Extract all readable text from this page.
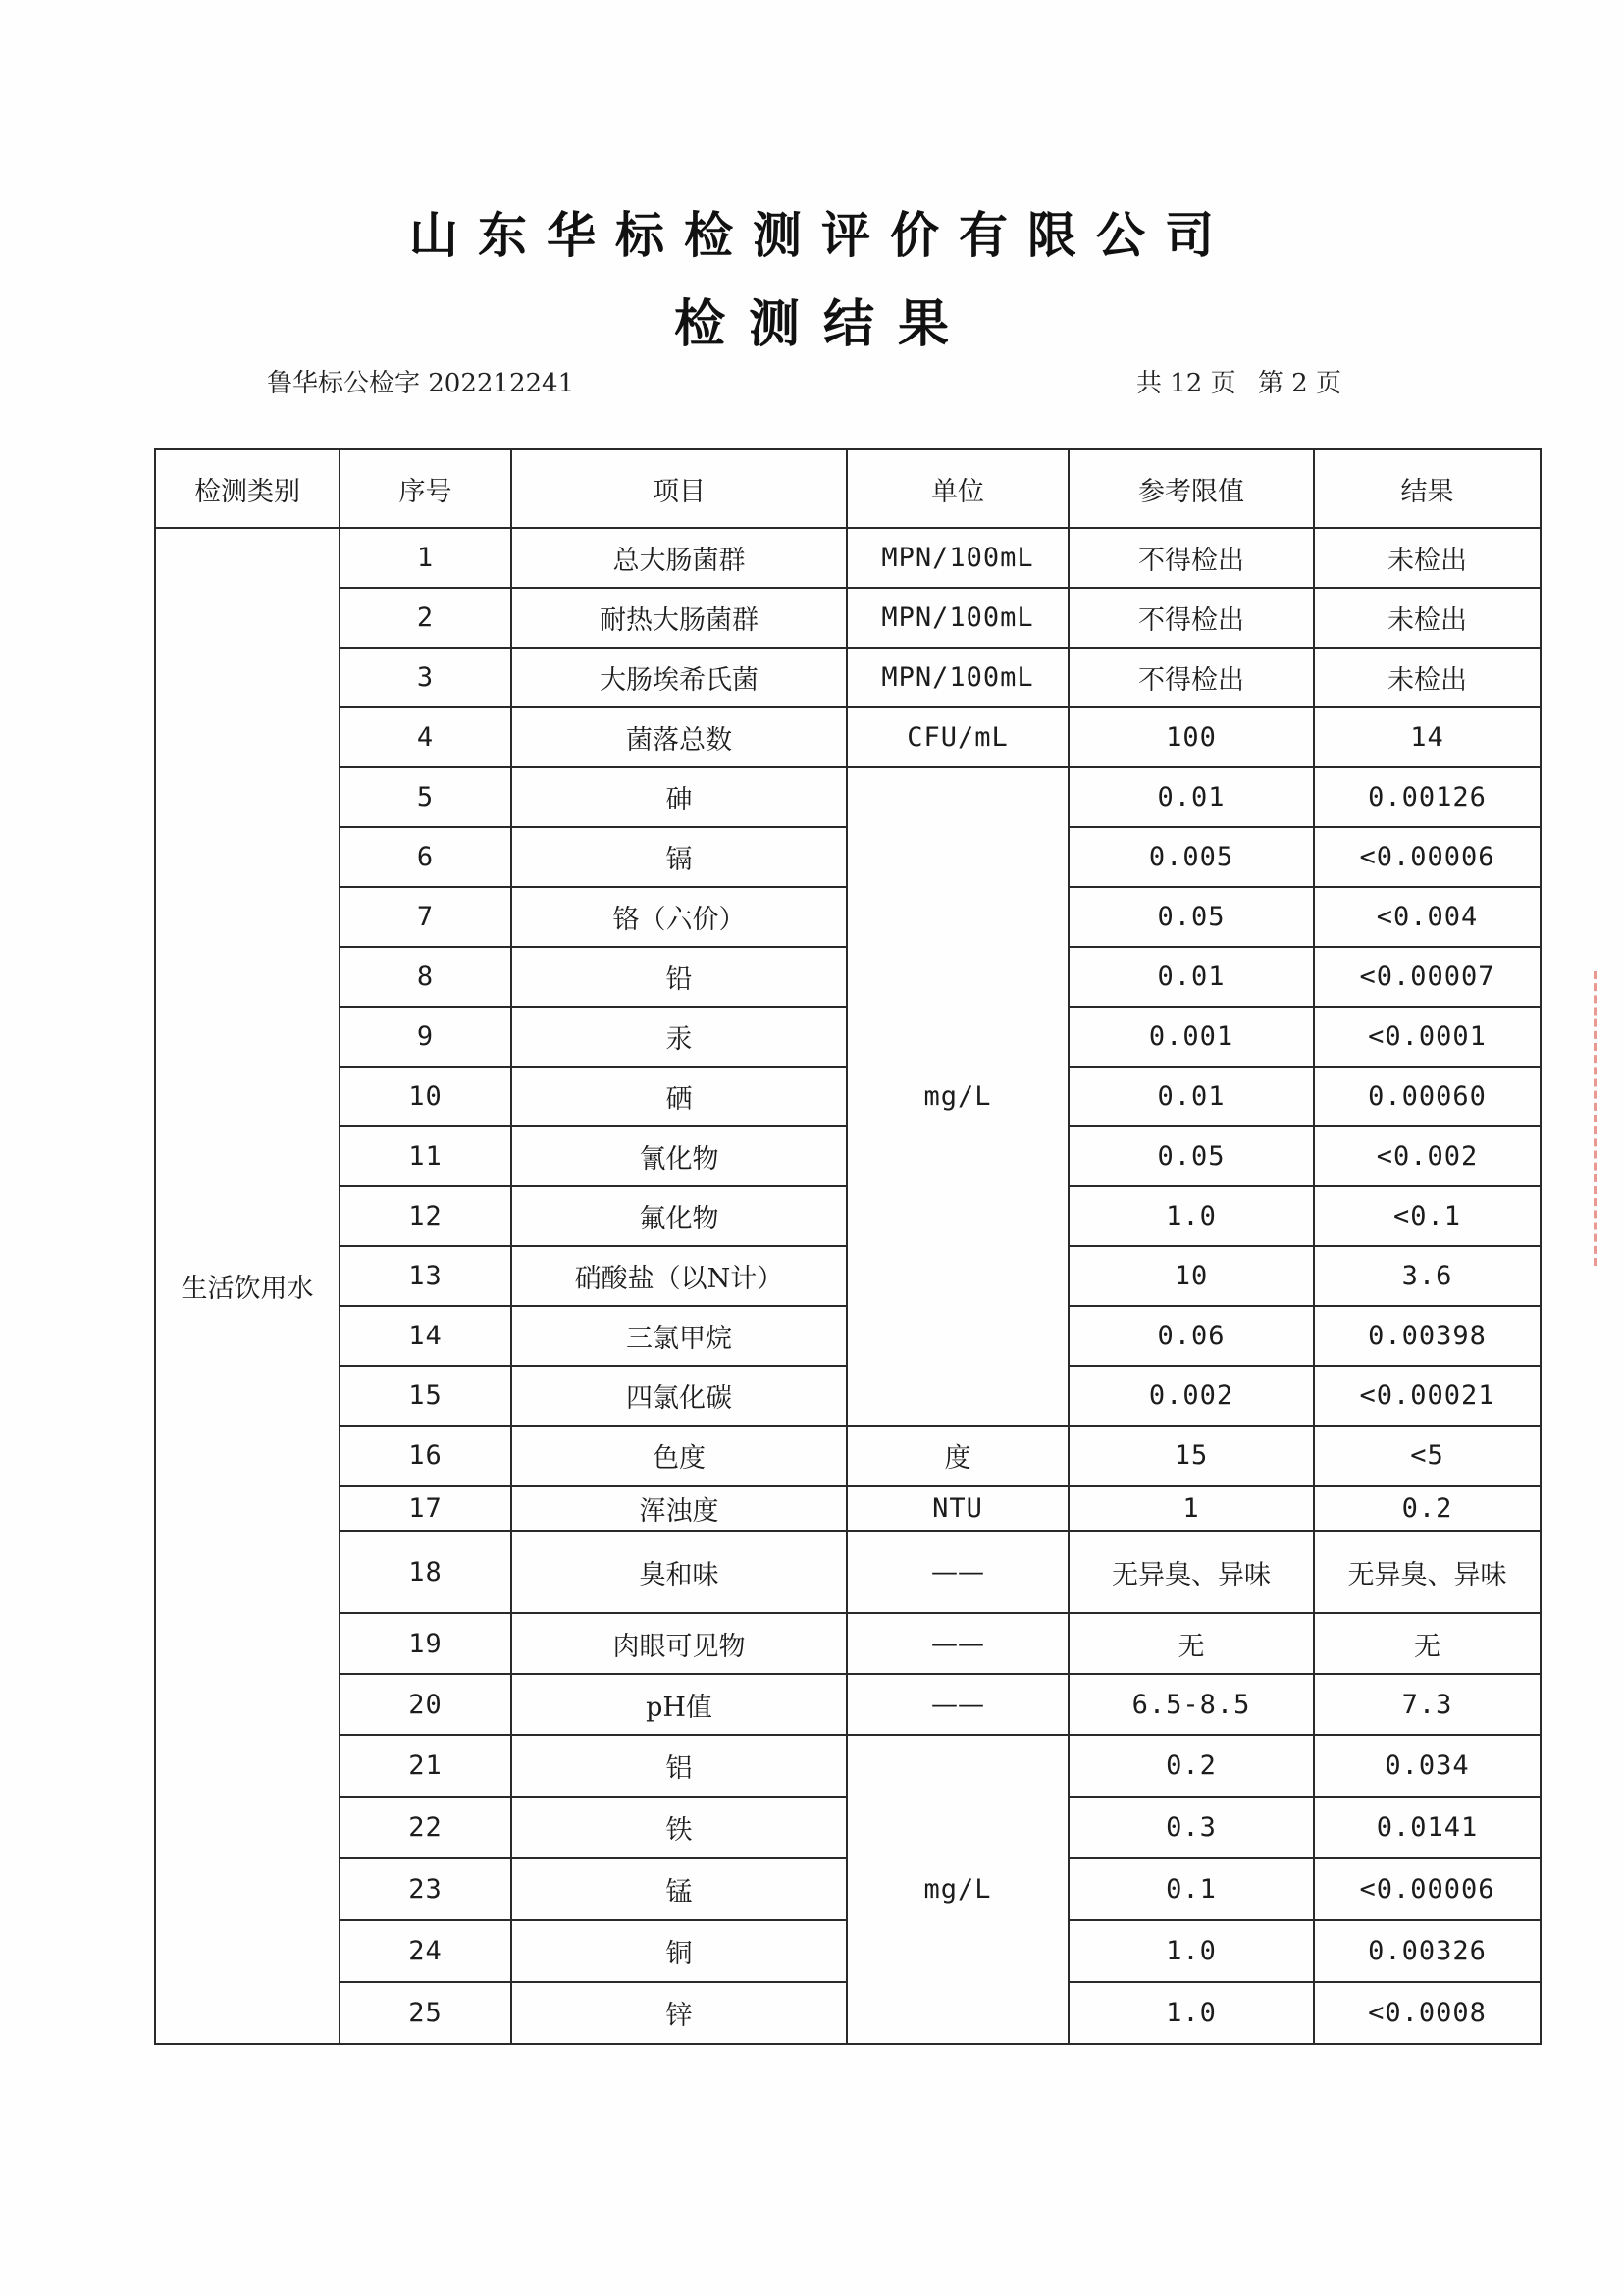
山东华标检测评价有限公司
检测结果
鲁华标公检字 202212241	共 12 页 第 2 页
检测类别	序号	项目	单位	参考限值	结果
生活饮用水	1	总大肠菌群	MPN/100mL	不得检出	未检出
	2	耐热大肠菌群	MPN/100mL	不得检出	未检出
	3	大肠埃希氏菌	MPN/100mL	不得检出	未检出
	4	菌落总数	CFU/mL	100	14
	5	砷	mg/L	0.01	0.00126
	6	镉		0.005	<0.00006
	7	铬（六价）		0.05	<0.004
	8	铅		0.01	<0.00007
	9	汞		0.001	<0.0001
	10	硒		0.01	0.00060
	11	氰化物		0.05	<0.002
	12	氟化物		1.0	<0.1
	13	硝酸盐（以N计）		10	3.6
	14	三氯甲烷		0.06	0.00398
	15	四氯化碳		0.002	<0.00021
	16	色度	度	15	<5
	17	浑浊度	NTU	1	0.2
	18	臭和味	——	无异臭、异味	无异臭、异味
	19	肉眼可见物	——	无	无
	20	pH值	——	6.5-8.5	7.3
	21	铝	mg/L	0.2	0.034
	22	铁		0.3	0.0141
	23	锰		0.1	<0.00006
	24	铜		1.0	0.00326
	25	锌		1.0	<0.0008
